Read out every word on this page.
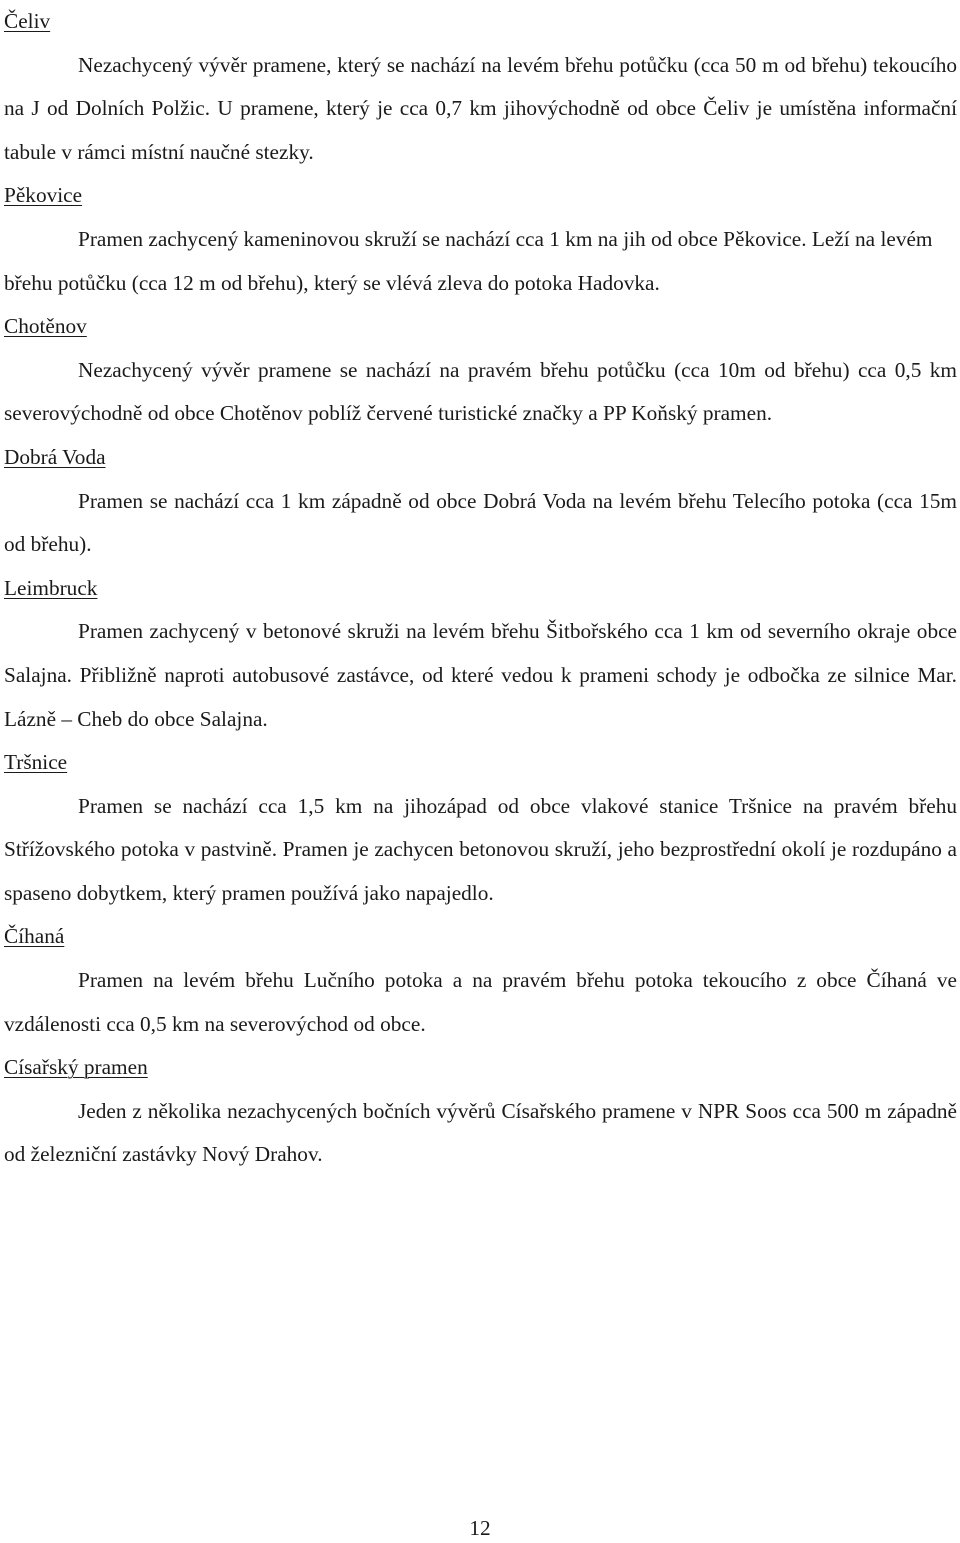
Čeliv

Nezachycený vývěr pramene, který se nachází na levém břehu potůčku (cca 50 m od břehu) tekoucího na J od Dolních Polžic. U pramene, který je cca 0,7 km jihovýchodně od obce Čeliv je umístěna informační tabule v rámci místní naučné stezky.

Pěkovice

Pramen zachycený kameninovou skruží se nachází cca 1 km na jih od obce Pěkovice. Leží na levém břehu potůčku (cca 12 m od břehu), který se vlévá zleva do potoka Hadovka.

Chotěnov

Nezachycený vývěr pramene se nachází na pravém břehu potůčku (cca 10m od břehu) cca 0,5 km severovýchodně od obce Chotěnov poblíž červené turistické značky a PP Koňský pramen.

Dobrá Voda

Pramen se nachází cca 1 km západně od obce Dobrá Voda na levém břehu Telecího potoka (cca 15m od břehu).

Leimbruck

Pramen zachycený v betonové skruži na levém břehu Šitbořského cca 1 km od severního okraje obce Salajna. Přibližně naproti autobusové zastávce, od které vedou k prameni schody je odbočka ze silnice Mar. Lázně – Cheb do obce Salajna.

Tršnice

Pramen se nachází cca 1,5 km na jihozápad od obce vlakové stanice Tršnice na pravém břehu Střížovského potoka v pastvině. Pramen je zachycen betonovou skruží, jeho bezprostřední okolí je rozdupáno a spaseno dobytkem, který pramen používá jako napajedlo.

Číhaná

Pramen na levém břehu Lučního potoka a na pravém břehu potoka tekoucího z obce Číhaná ve vzdálenosti cca 0,5 km na severovýchod od obce.

Císařský pramen

Jeden z několika nezachycených bočních vývěrů Císařského pramene v NPR Soos cca 500 m západně od železniční zastávky Nový Drahov.

12
